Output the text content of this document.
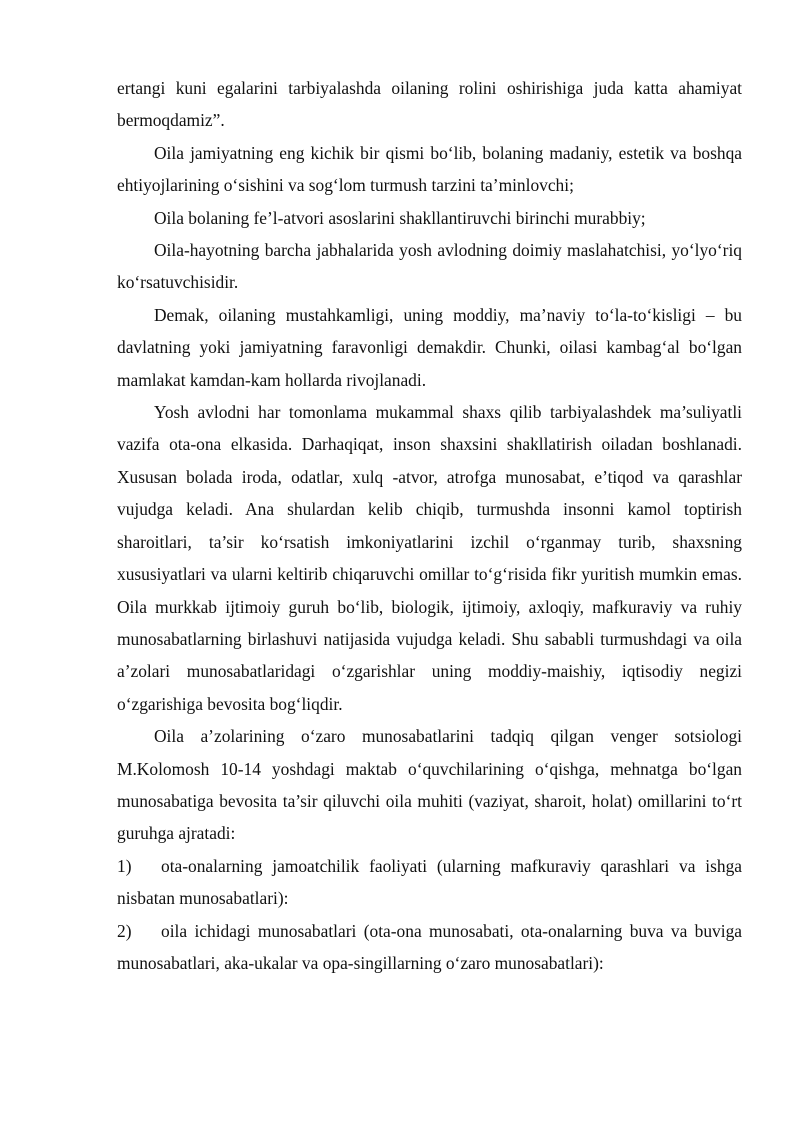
ertangi kuni egalarini tarbiyalashda oilaning rolini oshirishiga juda katta ahamiyat bermoqdamiz”.

Oila jamiyatning eng kichik bir qismi bo‘lib, bolaning madaniy, estetik va boshqa ehtiyojlarining o‘sishini va sog‘lom turmush tarzini ta’minlovchi;

Oila bolaning fe’l-atvori asoslarini shakllantiruvchi birinchi murabbiy;

Oila-hayotning barcha jabhalarida yosh avlodning doimiy maslahatchisi, yo‘lyo‘riq ko‘rsatuvchisidir.

Demak, oilaning mustahkamligi, uning moddiy, ma’naviy to‘la-to‘kisligi – bu davlatning yoki jamiyatning faravonligi demakdir. Chunki, oilasi kambag‘al bo‘lgan mamlakat kamdan-kam hollarda rivojlanadi.

Yosh avlodni har tomonlama mukammal shaxs qilib tarbiyalashdek ma’suliyatli vazifa ota-ona elkasida. Darhaqiqat, inson shaxsini shakllatirish oiladan boshlanadi. Xususan bolada iroda, odatlar, xulq -atvor, atrofga munosabat, e’tiqod va qarashlar vujudga keladi. Ana shulardan kelib chiqib, turmushda insonni kamol toptirish sharoitlari, ta’sir ko‘rsatish imkoniyatlarini izchil o‘rganmay turib, shaxsning xususiyatlari va ularni keltirib chiqaruvchi omillar to‘g‘risida fikr yuritish mumkin emas. Oila murkkab ijtimoiy guruh bo‘lib, biologik, ijtimoiy, axloqiy, mafkuraviy va ruhiy munosabatlarning birlashuvi natijasida vujudga keladi. Shu sababli turmushdagi va oila a’zolari munosabatlaridagi o‘zgarishlar uning moddiy-maishiy, iqtisodiy negizi o‘zgarishiga bevosita bog‘liqdir.

Oila a’zolarining o‘zaro munosabatlarini tadqiq qilgan venger sotsiologi M.Kolomosh 10-14 yoshdagi maktab o‘quvchilarining o‘qishga, mehnatga bo‘lgan munosabatiga bevosita ta’sir qiluvchi oila muhiti (vaziyat, sharoit, holat) omillarini to‘rt guruhga ajratadi:

1) ota-onalarning jamoatchilik faoliyati (ularning mafkuraviy qarashlari va ishga nisbatan munosabatlari):

2) oila ichidagi munosabatlari (ota-ona munosabati, ota-onalarning buva va buviga munosabatlari, aka-ukalar va opa-singillarning o‘zaro munosabatlari):
